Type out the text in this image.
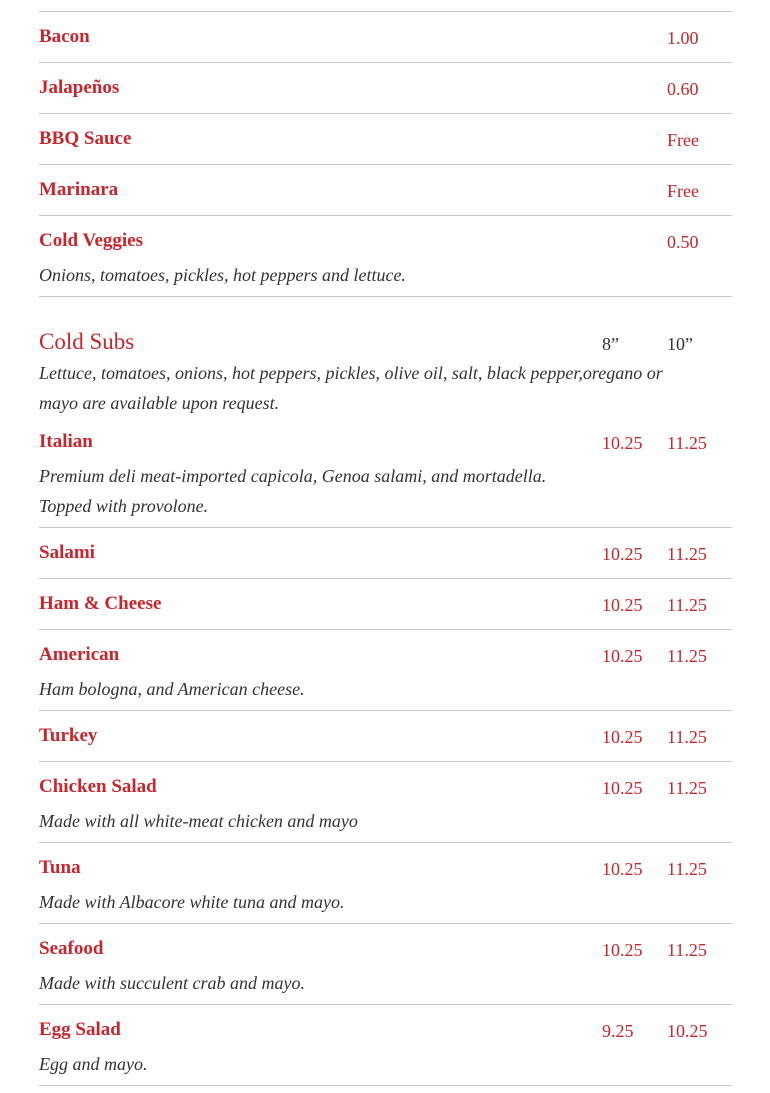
Bacon	1.00
Jalapeños	0.60
BBQ Sauce	Free
Marinara	Free
Cold Veggies	0.50
Onions, tomatoes, pickles, hot peppers and lettuce.
Cold Subs	8”	10”
Lettuce, tomatoes, onions, hot peppers, pickles, olive oil, salt, black pepper,oregano or
mayo are available upon request.
Italian	10.25 11.25
Premium deli meat-imported capicola, Genoa salami, and mortadella.
Topped with provolone.
Salami	10.25 11.25
Ham & Cheese	10.25 11.25
American	10.25 11.25
Ham bologna, and American cheese.
Turkey	10.25 11.25
Chicken Salad	10.25 11.25
Made with all white-meat chicken and mayo
Tuna	10.25 11.25
Made with Albacore white tuna and mayo.
Seafood	10.25 11.25
Made with succulent crab and mayo.
Egg Salad	9.25 10.25
Egg and mayo.
